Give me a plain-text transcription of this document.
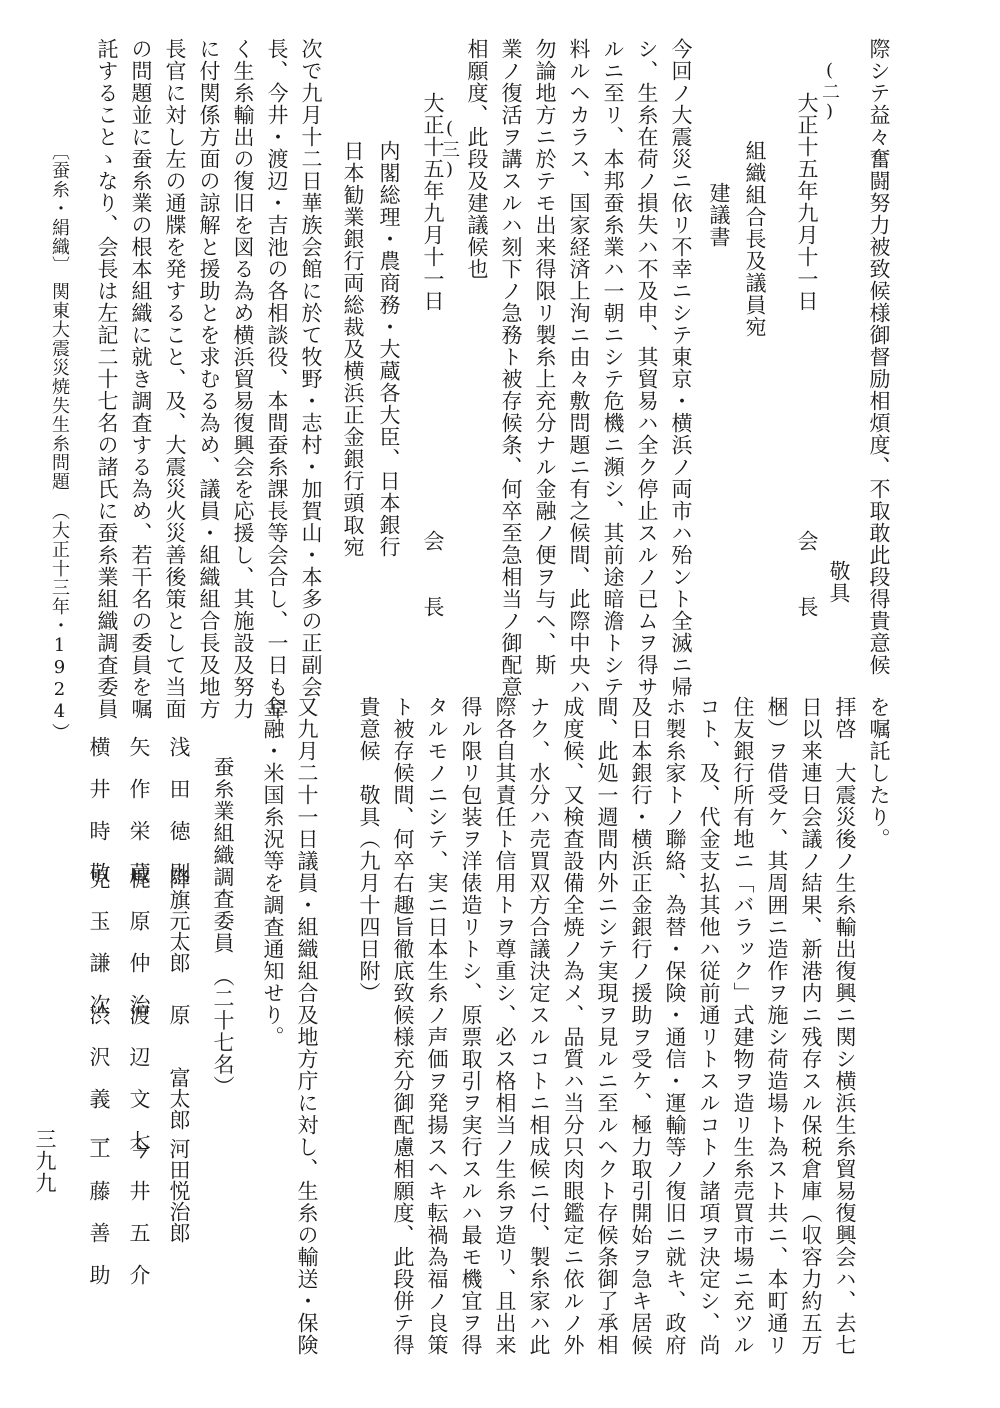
際シテ益々奮闘努力被致候様御督励相煩度、不取敢此段得貴意候
敬具
(二)
大正十五年九月十一日
会　　長
組織組合長及議員宛
建議書
今回ノ大震災ニ依リ不幸ニシテ東京・横浜ノ両市ハ殆ント全滅ニ帰
シ、生糸在荷ノ損失ハ不及申、其貿易ハ全ク停止スルノ已ムヲ得サ
ルニ至リ、本邦蚕糸業ハ一朝ニシテ危機ニ瀕シ、其前途暗澹トシテ
料ルヘカラス、国家経済上洵ニ由々敷問題ニ有之候間、此際中央ハ
勿論地方ニ於テモ出来得限リ製糸上充分ナル金融ノ便ヲ与ヘ、斯
業ノ復活ヲ講スルハ刻下ノ急務ト被存候条、何卒至急相当ノ御配意
相願度、此段及建議候也
(三)
大正十五年九月十一日
会　　長
内閣総理・農商務・大蔵各大臣、日本銀行
日本勧業銀行両総裁及横浜正金銀行頭取宛
次で九月十二日華族会館に於て牧野・志村・加賀山・本多の正副会
長、今井・渡辺・吉池の各相談役、本間蚕糸課長等会合し、一日も早
く生糸輸出の復旧を図る為め横浜貿易復興会を応援し、其施設及努力
に付関係方面の諒解と援助とを求むる為め、議員・組織組合長及地方
長官に対し左の通牒を発すること、及、大震災火災善後策として当面
の問題並に蚕糸業の根本組織に就き調査する為め、若干名の委員を嘱
託することゝなり、会長は左記二十七名の諸氏に蚕糸業組織調査委員
〔蚕糸・絹織〕
関東大震災焼失生糸問題
（大正十三年・1924）
を嘱託したり。
拝啓　大震災後ノ生糸輸出復興ニ関シ横浜生糸貿易復興会ハ、去七
日以来連日会議ノ結果、新港内ニ残存スル保税倉庫（収容力約五万
梱）ヲ借受ケ、其周囲ニ造作ヲ施シ荷造場ト為スト共ニ、本町通リ
住友銀行所有地ニ「バラック」式建物ヲ造リ生糸売買市場ニ充ツル
コト、及、代金支払其他ハ従前通リトスルコトノ諸項ヲ決定シ、尚
ホ製糸家トノ聯絡、為替・保険・通信・運輸等ノ復旧ニ就キ、政府
及日本銀行・横浜正金銀行ノ援助ヲ受ケ、極力取引開始ヲ急キ居候
間、此処一週間内外ニシテ実現ヲ見ルニ至ルヘクト存候条御了承相
成度候、又検査設備全焼ノ為メ、品質ハ当分只肉眼鑑定ニ依ルノ外
ナク、水分ハ売買双方合議決定スルコトニ相成候ニ付、製糸家ハ此
際各自其責任ト信用トヲ尊重シ、必ス格相当ノ生糸ヲ造リ、且出来
得ル限リ包装ヲ洋俵造リトシ、原票取引ヲ実行スルハ最モ機宜ヲ得
タルモノニシテ、実ニ日本生糸ノ声価ヲ発揚スヘキ転禍為福ノ良策
ト被存候間、何卒右趣旨徹底致候様充分御配慮相願度、此段併テ得
貴意候　敬具（九月十四日附）
又九月二十一日議員・組織組合及地方庁に対し、生糸の輸送・保険
金融・米国糸況等を調査通知せり。
蚕糸業組織調査委員　（二十七名）
浅　田　徳　則
降旗元太郎
原　　富太郎
河田悦治郎
矢　作　栄　蔵
梶　原　仲　治
渡　辺　文　七
今　井　五　介
横　井　時　敬
児　玉　謙　次
渋　沢　義　一
工　藤　善　助
三九九
